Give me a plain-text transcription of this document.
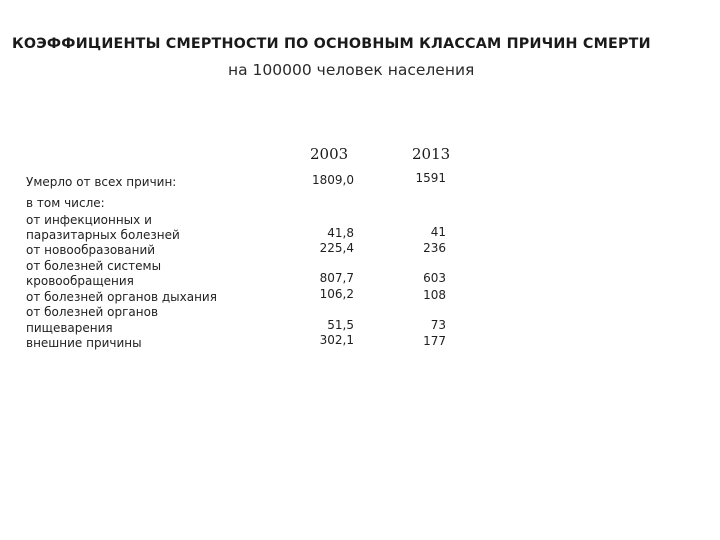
КОЭФФИЦИЕНТЫ СМЕРТНОСТИ ПО ОСНОВНЫМ КЛАССАМ ПРИЧИН СМЕРТИ
на 100000 человек населения
2003	2013
Умерло от всех причин:
в том числе:
от инфекционных и
паразитарных болезней
от новообразований
от болезней системы
кровообращения
от болезней органов дыхания
от болезней органов
пищеварения
внешние причины
1809,0
41,8
225,4
807,7
106,2
51,5
302,1
1591
41
236
603
108
73
177
